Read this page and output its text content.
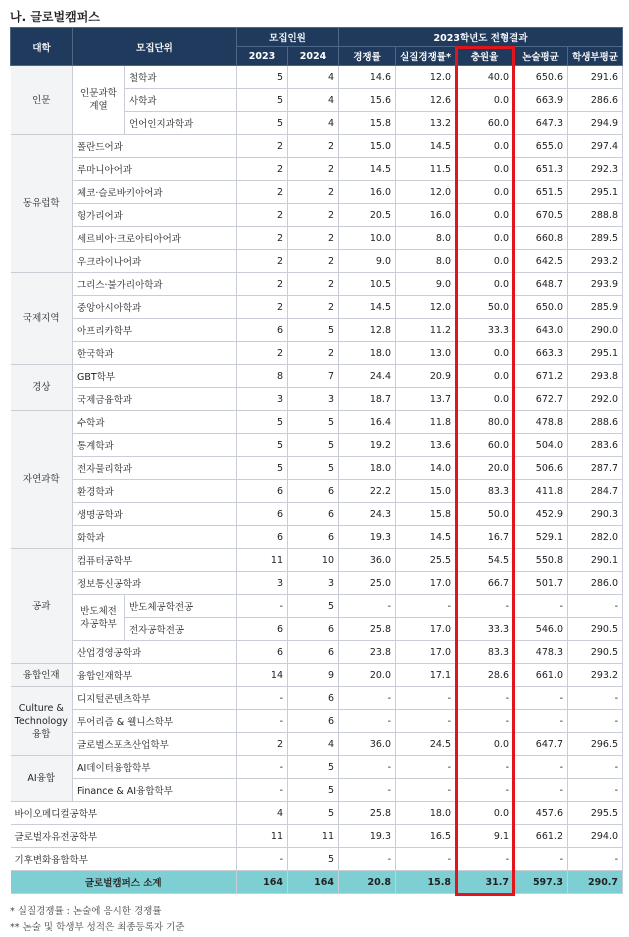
나. 글로벌캠퍼스
대학	모집단위		모집인원		2023학년도 전형결과				
			2023	2024	경쟁률	실질경쟁률*	충원율	논술평균	학생부평균
인문	인문과학계열	철학과	5	4	14.6	12.0	40.0	650.6	291.6
		사학과	5	4	15.6	12.6	0.0	663.9	286.6
		언어인지과학과	5	4	15.8	13.2	60.0	647.3	294.9
동유럽학	폴란드어과		2	2	15.0	14.5	0.0	655.0	297.4
	루마니아어과		2	2	14.5	11.5	0.0	651.3	292.3
	체코·슬로바키아어과		2	2	16.0	12.0	0.0	651.5	295.1
	헝가리어과		2	2	20.5	16.0	0.0	670.5	288.8
	세르비아·크로아티아어과		2	2	10.0	8.0	0.0	660.8	289.5
	우크라이나어과		2	2	9.0	8.0	0.0	642.5	293.2
국제지역	그리스·불가리아학과		2	2	10.5	9.0	0.0	648.7	293.9
	중앙아시아학과		2	2	14.5	12.0	50.0	650.0	285.9
	아프리카학부		6	5	12.8	11.2	33.3	643.0	290.0
	한국학과		2	2	18.0	13.0	0.0	663.3	295.1
경상	GBT학부		8	7	24.4	20.9	0.0	671.2	293.8
	국제금융학과		3	3	18.7	13.7	0.0	672.7	292.0
자연과학	수학과		5	5	16.4	11.8	80.0	478.8	288.6
	통계학과		5	5	19.2	13.6	60.0	504.0	283.6
	전자물리학과		5	5	18.0	14.0	20.0	506.6	287.7
	환경학과		6	6	22.2	15.0	83.3	411.8	284.7
	생명공학과		6	6	24.3	15.8	50.0	452.9	290.3
	화학과		6	6	19.3	14.5	16.7	529.1	282.0
공과	컴퓨터공학부		11	10	36.0	25.5	54.5	550.8	290.1
	정보통신공학과		3	3	25.0	17.0	66.7	501.7	286.0
	반도체전자공학부	반도체공학전공	-	5	-	-	-	-	-
		전자공학전공	6	6	25.8	17.0	33.3	546.0	290.5
	산업경영공학과		6	6	23.8	17.0	83.3	478.3	290.5
융합인재	융합인재학부		14	9	20.0	17.1	28.6	661.0	293.2
Culture & Technology 융합	디지털콘텐츠학부		-	6	-	-	-	-	-
	투어리즘 & 웰니스학부		-	6	-	-	-	-	-
	글로벌스포츠산업학부		2	4	36.0	24.5	0.0	647.7	296.5
AI융합	AI데이터융합학부		-	5	-	-	-	-	-
	Finance & AI융합학부		-	5	-	-	-	-	-
바이오메디컬공학부			4	5	25.8	18.0	0.0	457.6	295.5
글로벌자유전공학부			11	11	19.3	16.5	9.1	661.2	294.0
기후변화융합학부			-	5	-	-	-	-	-
글로벌캠퍼스 소계			164	164	20.8	15.8	31.7	597.3	290.7
* 실질경쟁률 : 논술에 응시한 경쟁률
** 논술 및 학생부 성적은 최종등록자 기준
